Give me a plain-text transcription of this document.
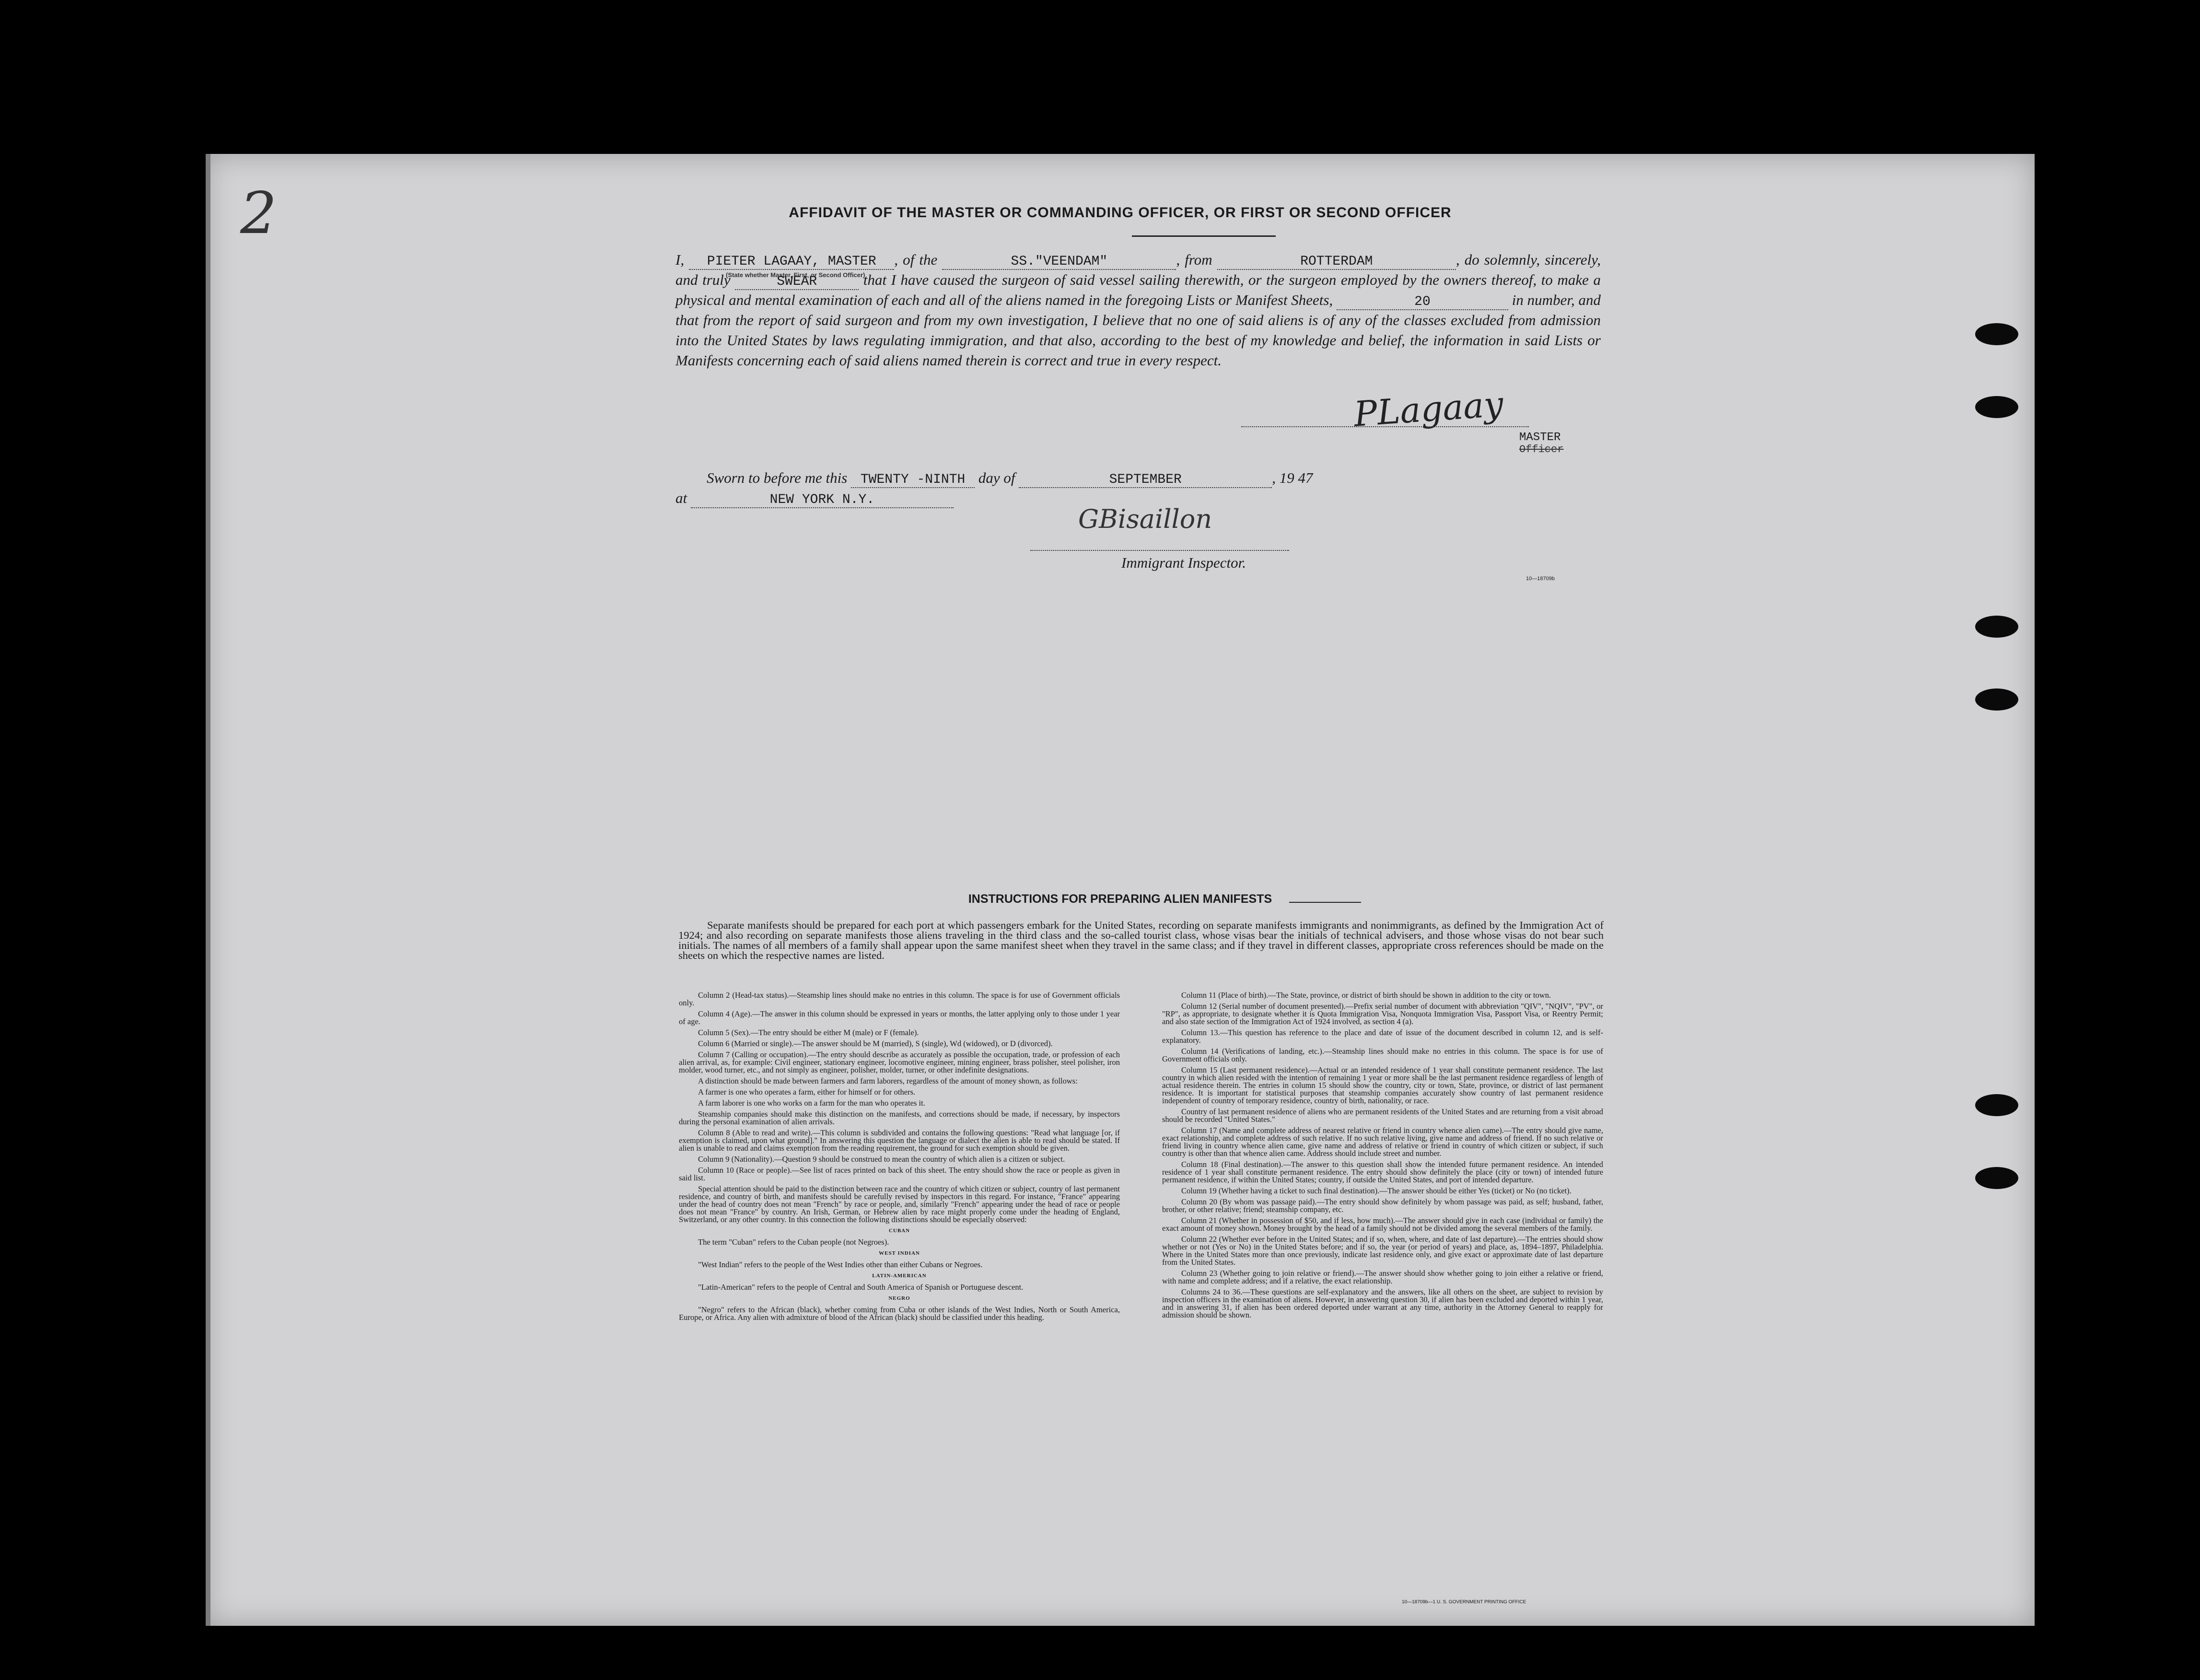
2	AFFIDAVIT OF THE MASTER OR COMMANDING OFFICER, OR FIRST OR SECOND OFFICER
I, PIETER LAGAAY, MASTER , of the	SS."VEENDAM"	, from	ROTTERDAM	, do solemnly, sincerely, and truly	SWEAR	that I have caused the surgeon of said vessel sailing therewith, or the surgeon employed by the owners thereof, to make a physical and mental examination of each and all of the aliens named in the foregoing Lists or Manifest Sheets,	20	in number, and that from the report of said surgeon and from my own investigation, I believe that no one of said aliens is of any of the classes excluded from admission into the United States by laws regulating immigration, and that also, according to the best of my knowledge and belief, the information in said Lists or Manifests concerning each of said aliens named therein is correct and true in every respect.
(State whether Master, First, or Second Officer)
PLagaay
MASTER
Officer
Sworn to before me this TWENTY -NINTH day of	SEPTEMBER	, 19 47
at	NEW YORK N.Y.
GBisaillon
Immigrant Inspector.
10—18709b
INSTRUCTIONS FOR PREPARING ALIEN MANIFESTS
Separate manifests should be prepared for each port at which passengers embark for the United States, recording on separate manifests immigrants and nonimmigrants, as defined by the Immigration Act of 1924; and also recording on separate manifests those aliens traveling in the third class and the so-called tourist class, whose visas bear the initials of technical advisers, and those whose visas do not bear such initials. The names of all members of a family shall appear upon the same manifest sheet when they travel in the same class; and if they travel in different classes, appropriate cross references should be made on the sheets on which the respective names are listed.

Column 2 (Head-tax status).—Steamship lines should make no entries in this column. The space is for use of Government officials only.

Column 4 (Age).—The answer in this column should be expressed in years or months, the latter applying only to those under 1 year of age.

Column 5 (Sex).—The entry should be either M (male) or F (female).

Column 6 (Married or single).—The answer should be M (married), S (single), Wd (widowed), or D (divorced).

Column 7 (Calling or occupation).—The entry should describe as accurately as possible the occupation, trade, or profession of each alien arrival, as, for example: Civil engineer, stationary engineer, locomotive engineer, mining engineer, brass polisher, steel polisher, iron molder, wood turner, etc., and not simply as engineer, polisher, molder, turner, or other indefinite designations.

A distinction should be made between farmers and farm laborers, regardless of the amount of money shown, as follows:

A farmer is one who operates a farm, either for himself or for others.

A farm laborer is one who works on a farm for the man who operates it.

Steamship companies should make this distinction on the manifests, and corrections should be made, if necessary, by inspectors during the personal examination of alien arrivals.

Column 8 (Able to read and write).—This column is subdivided and contains the following questions: "Read what language [or, if exemption is claimed, upon what ground]." In answering this question the language or dialect the alien is able to read should be stated. If alien is unable to read and claims exemption from the reading requirement, the ground for such exemption should be given.

Column 9 (Nationality).—Question 9 should be construed to mean the country of which alien is a citizen or subject.

Column 10 (Race or people).—See list of races printed on back of this sheet. The entry should show the race or people as given in said list.

Special attention should be paid to the distinction between race and the country of which citizen or subject, country of last permanent residence, and country of birth, and manifests should be carefully revised by inspectors in this regard. For instance, "France" appearing under the head of country does not mean "French" by race or people, and, similarly "French" appearing under the head of race or people does not mean "France" by country. An Irish, German, or Hebrew alien by race might properly come under the heading of England, Switzerland, or any other country. In this connection the following distinctions should be especially observed:

CUBAN

The term "Cuban" refers to the Cuban people (not Negroes).

WEST INDIAN

"West Indian" refers to the people of the West Indies other than either Cubans or Negroes.

LATIN-AMERICAN

"Latin-American" refers to the people of Central and South America of Spanish or Portuguese descent.

NEGRO

"Negro" refers to the African (black), whether coming from Cuba or other islands of the West Indies, North or South America, Europe, or Africa. Any alien with admixture of blood of the African (black) should be classified under this heading.

Column 11 (Place of birth).—The State, province, or district of birth should be shown in addition to the city or town.

Column 12 (Serial number of document presented).—Prefix serial number of document with abbreviation "QIV", "NQIV", "PV", or "RP", as appropriate, to designate whether it is Quota Immigration Visa, Nonquota Immigration Visa, Passport Visa, or Reentry Permit; and also state section of the Immigration Act of 1924 involved, as section 4 (a).

Column 13.—This question has reference to the place and date of issue of the document described in column 12, and is self-explanatory.

Column 14 (Verifications of landing, etc.).—Steamship lines should make no entries in this column. The space is for use of Government officials only.

Column 15 (Last permanent residence).—Actual or an intended residence of 1 year shall constitute permanent residence. The last country in which alien resided with the intention of remaining 1 year or more shall be the last permanent residence regardless of length of actual residence therein. The entries in column 15 should show the country, city or town, State, province, or district of last permanent residence. It is important for statistical purposes that steamship companies accurately show country of last permanent residence independent of country of temporary residence, country of birth, nationality, or race.

Country of last permanent residence of aliens who are permanent residents of the United States and are returning from a visit abroad should be recorded "United States."

Column 17 (Name and complete address of nearest relative or friend in country whence alien came).—The entry should give name, exact relationship, and complete address of such relative. If no such relative living, give name and address of friend. If no such relative or friend living in country whence alien came, give name and address of relative or friend in country of which citizen or subject, if such country is other than that whence alien came. Address should include street and number.

Column 18 (Final destination).—The answer to this question shall show the intended future permanent residence. An intended residence of 1 year shall constitute permanent residence. The entry should show definitely the place (city or town) of intended future permanent residence, if within the United States; country, if outside the United States, and port of intended departure.

Column 19 (Whether having a ticket to such final destination).—The answer should be either Yes (ticket) or No (no ticket).

Column 20 (By whom was passage paid).—The entry should show definitely by whom passage was paid, as self; husband, father, brother, or other relative; friend; steamship company, etc.

Column 21 (Whether in possession of $50, and if less, how much).—The answer should give in each case (individual or family) the exact amount of money shown. Money brought by the head of a family should not be divided among the several members of the family.

Column 22 (Whether ever before in the United States; and if so, when, where, and date of last departure).—The entries should show whether or not (Yes or No) in the United States before; and if so, the year (or period of years) and place, as, 1894–1897, Philadelphia. Where in the United States more than once previously, indicate last residence only, and give exact or approximate date of last departure from the United States.

Column 23 (Whether going to join relative or friend).—The answer should show whether going to join either a relative or friend, with name and complete address; and if a relative, the exact relationship.

Columns 24 to 36.—These questions are self-explanatory and the answers, like all others on the sheet, are subject to revision by inspection officers in the examination of aliens. However, in answering question 30, if alien has been excluded and deported within 1 year, and in answering 31, if alien has been ordered deported under warrant at any time, authority in the Attorney General to reapply for admission should be shown.

10—18709b—1 U. S. GOVERNMENT PRINTING OFFICE
